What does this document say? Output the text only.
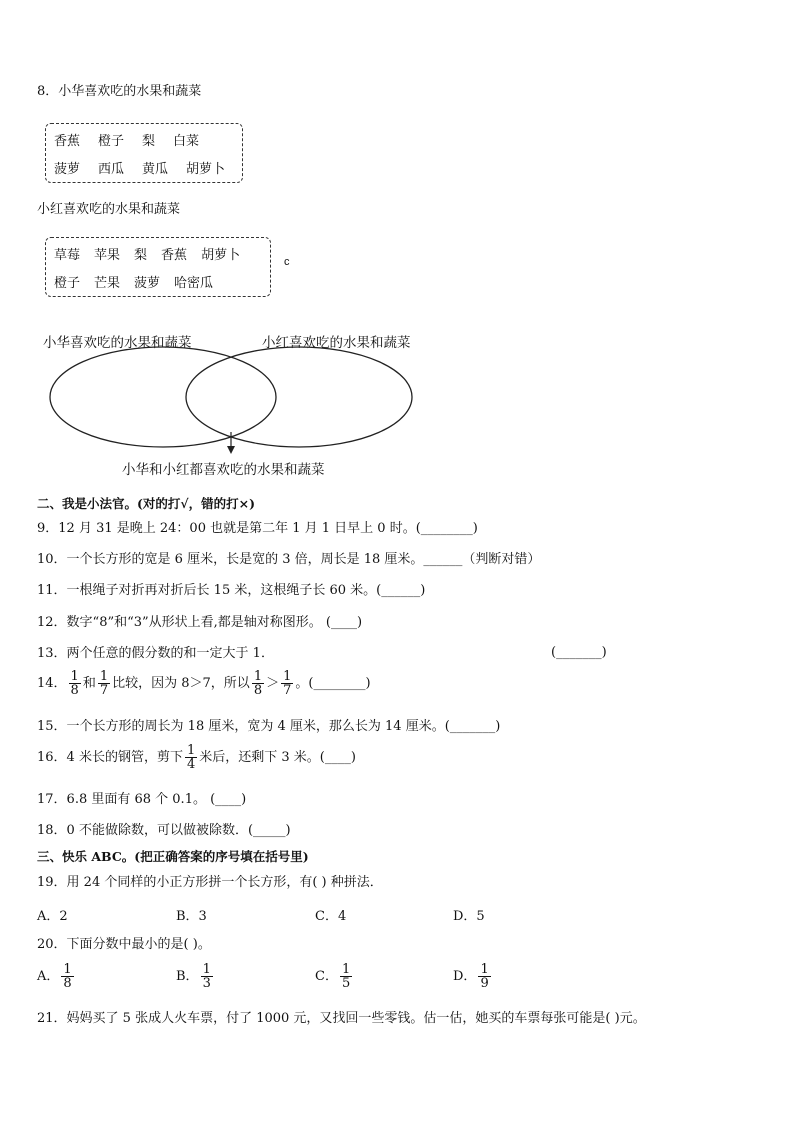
8．小华喜欢吃的水果和蔬菜
香蕉 橙子 梨 白菜
菠萝 西瓜 黄瓜 胡萝卜
小红喜欢吃的水果和蔬菜
草莓 苹果 梨 香蕉 胡萝卜
橙子 芒果 菠萝 哈密瓜
c
小华喜欢吃的水果和蔬菜	小红喜欢吃的水果和蔬菜
小华和小红都喜欢吃的水果和蔬菜
二、我是小法官。(对的打√，错的打×)
9．12 月 31 是晚上 24：00 也就是第二年 1 月 1 日早上 0 时。(________)
10．一个长方形的宽是 6 厘米，长是宽的 3 倍，周长是 18 厘米。______（判断对错）
11．一根绳子对折再对折后长 15 米，这根绳子长 60 米。(______)
12．数字“8”和“3”从形状上看,都是轴对称图形。 (____)
13．两个任意的假分数的和一定大于 1．	(_______)
14． $\frac{1}{8}$ 和 $\frac{1}{7}$ 比较，因为 8＞7，所以 $\frac{1}{8} > \frac{1}{7}$ 。(________)
15．一个长方形的周长为 18 厘米，宽为 4 厘米，那么长为 14 厘米。(_______)
16．4 米长的钢管，剪下 $\frac{1}{4}$ 米后，还剩下 3 米。(____)
17．6.8 里面有 68 个 0.1。 (____)
18．0 不能做除数，可以做被除数．(_____)
三、快乐 ABC。(把正确答案的序号填在括号里)
19．用 24 个同样的小正方形拼一个长方形，有( ) 种拼法．
A．2	B．3	C．4	D．5
20．下面分数中最小的是( )。
A． $\frac{1}{8}$	B． $\frac{1}{3}$	C． $\frac{1}{5}$	D． $\frac{1}{9}$
21．妈妈买了 5 张成人火车票，付了 1000 元，又找回一些零钱。估一估，她买的车票每张可能是( )元。
